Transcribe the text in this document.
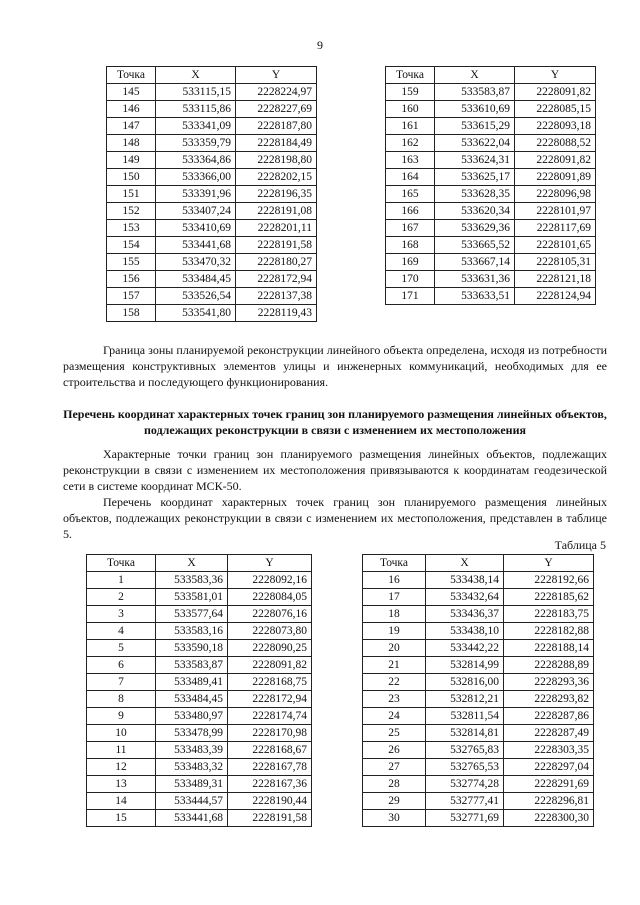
9
Точка	X	Y
145	533115,15	2228224,97
146	533115,86	2228227,69
147	533341,09	2228187,80
148	533359,79	2228184,49
149	533364,86	2228198,80
150	533366,00	2228202,15
151	533391,96	2228196,35
152	533407,24	2228191,08
153	533410,69	2228201,11
154	533441,68	2228191,58
155	533470,32	2228180,27
156	533484,45	2228172,94
157	533526,54	2228137,38
158	533541,80	2228119,43
Точка	X	Y
159	533583,87	2228091,82
160	533610,69	2228085,15
161	533615,29	2228093,18
162	533622,04	2228088,52
163	533624,31	2228091,82
164	533625,17	2228091,89
165	533628,35	2228096,98
166	533620,34	2228101,97
167	533629,36	2228117,69
168	533665,52	2228101,65
169	533667,14	2228105,31
170	533631,36	2228121,18
171	533633,51	2228124,94
Граница зоны планируемой реконструкции линейного объекта определена, исходя из потребности размещения конструктивных элементов улицы и инженерных коммуникаций, необходимых для ее строительства и последующего функционирования.
Перечень координат характерных точек границ зон планируемого размещения линейных объектов, подлежащих реконструкции в связи с изменением их местоположения
Характерные точки границ зон планируемого размещения линейных объектов, подлежащих реконструкции в связи с изменением их местоположения привязываются к координатам геодезической сети в системе координат МСК-50.
Перечень координат характерных точек границ зон планируемого размещения линейных объектов, подлежащих реконструкции в связи с изменением их местоположения, представлен в таблице 5.
Таблица 5
Точка	X	Y
1	533583,36	2228092,16
2	533581,01	2228084,05
3	533577,64	2228076,16
4	533583,16	2228073,80
5	533590,18	2228090,25
6	533583,87	2228091,82
7	533489,41	2228168,75
8	533484,45	2228172,94
9	533480,97	2228174,74
10	533478,99	2228170,98
11	533483,39	2228168,67
12	533483,32	2228167,78
13	533489,31	2228167,36
14	533444,57	2228190,44
15	533441,68	2228191,58
Точка	X	Y
16	533438,14	2228192,66
17	533432,64	2228185,62
18	533436,37	2228183,75
19	533438,10	2228182,88
20	533442,22	2228188,14
21	532814,99	2228288,89
22	532816,00	2228293,36
23	532812,21	2228293,82
24	532811,54	2228287,86
25	532814,81	2228287,49
26	532765,83	2228303,35
27	532765,53	2228297,04
28	532774,28	2228291,69
29	532777,41	2228296,81
30	532771,69	2228300,30
